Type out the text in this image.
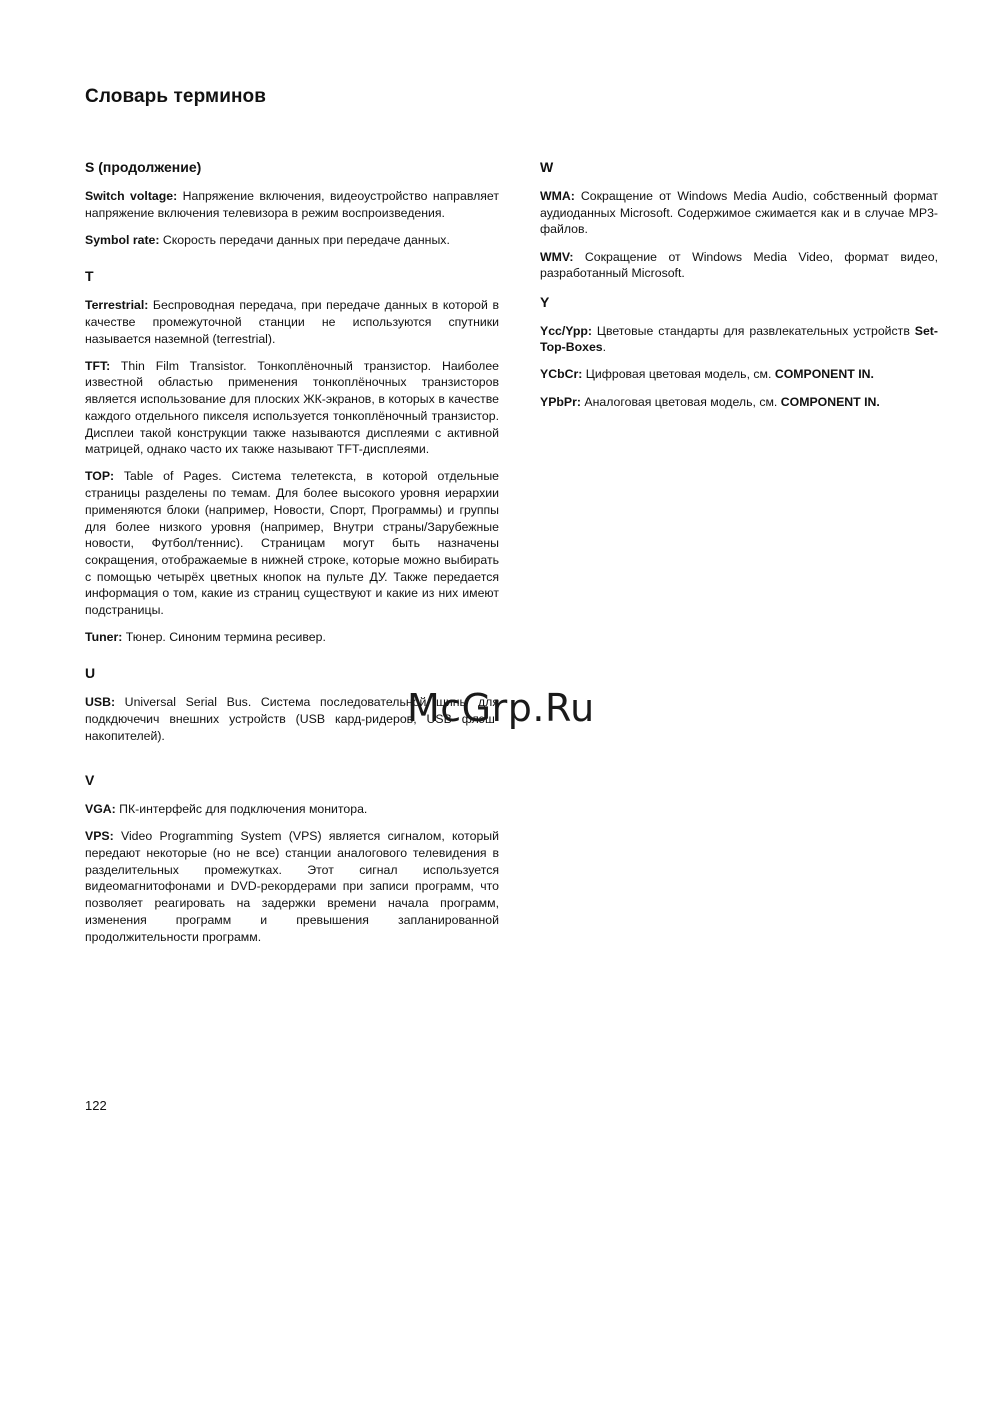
Словарь терминов
S (продолжение)

Switch voltage: Напряжение включения, видеоустройство направляет напряжение включения телевизора в режим воспроизведения.

Symbol rate: Скорость передачи данных при передаче данных.

T

Terrestrial: Беспроводная передача, при передаче данных в которой в качестве промежуточной станции не используются спутники называется наземной (terrestrial).

TFT: Thin Film Transistor. Тонкоплёночный транзистор. Наиболее известной областью применения тонкоплёночных транзисторов является использование для плоских ЖК-экранов, в которых в качестве каждого отдельного пикселя используется тонкоплёночный транзистор. Дисплеи такой конструкции также называются дисплеями с активной матрицей, однако часто их также называют TFT-дисплеями.

TOP: Table of Pages. Система телетекста, в которой отдельные страницы разделены по темам. Для более высокого уровня иерархии применяются блоки (например, Новости, Спорт, Программы) и группы для более низкого уровня (например, Внутри страны/Зарубежные новости, Футбол/теннис). Страницам могут быть назначены сокращения, отображаемые в нижней строке, которые можно выбирать с помощью четырёх цветных кнопок на пульте ДУ. Также передается информация о том, какие из страниц существуют и какие из них имеют подстраницы.

Tuner: Тюнер. Синоним термина ресивер.

U

USB: Universal Serial Bus. Система последовательной шины для подкдючечич внешних устройств (USB кард-ридеров, USB флэш-накопителей).

V

VGA: ПК-интерфейс для подключения монитора.

VPS: Video Programming System (VPS) является сигналом, который передают некоторые (но не все) станции аналогового телевидения в разделительных промежутках. Этот сигнал используется видеомагнитофонами и DVD-рекордерами при записи программ, что позволяет реагировать на задержки времени начала программ, изменения программ и превышения запланированной продолжительности программ.

W

WMA: Сокращение от Windows Media Audio, собственный формат аудиоданных Microsoft. Содержимое сжимается как и в случае MP3-файлов.

WMV: Сокращение от Windows Media Video, формат видео, разработанный Microsoft.

Y

Ycc/Ypp: Цветовые стандарты для развлекательных устройств Set-Top-Boxes.

YCbCr: Цифровая цветовая модель, см. COMPONENT IN.

YPbPr: Аналоговая цветовая модель, см. COMPONENT IN.

McGrp.Ru
122
